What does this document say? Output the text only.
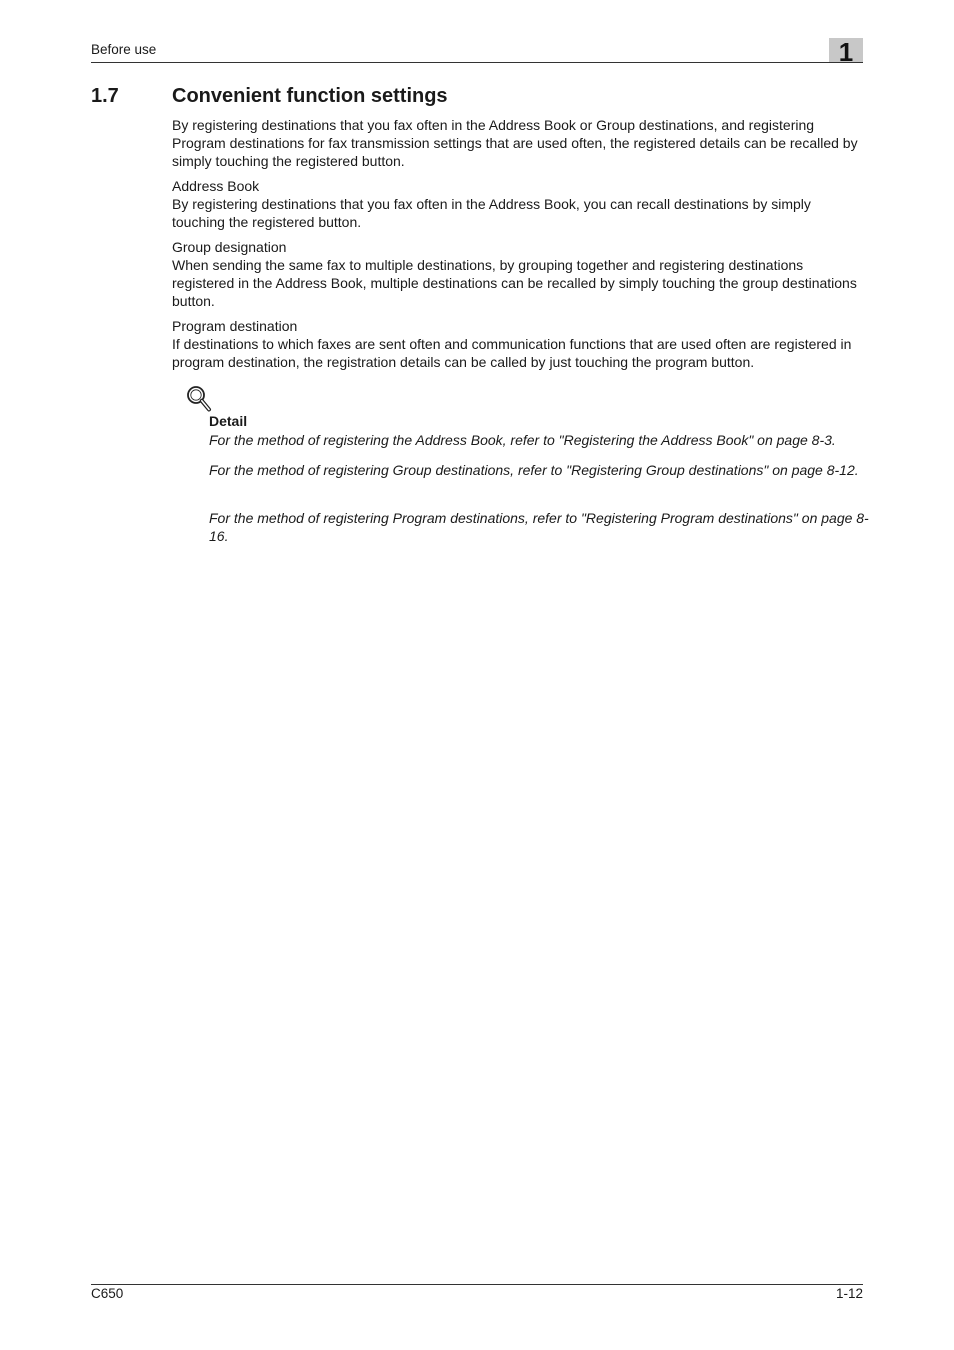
Before use	1
1.7	Convenient function settings

By registering destinations that you fax often in the Address Book or Group destinations, and registering Program destinations for fax transmission settings that are used often, the registered details can be recalled by simply touching the registered button.

Address Book
By registering destinations that you fax often in the Address Book, you can recall destinations by simply touching the registered button.
Group designation
When sending the same fax to multiple destinations, by grouping together and registering destinations registered in the Address Book, multiple destinations can be recalled by simply touching the group destinations button.
Program destination
If destinations to which faxes are sent often and communication functions that are used often are registered in program destination, the registration details can be called by just touching the program button.
Detail

For the method of registering the Address Book, refer to "Registering the Address Book" on page 8-3.

For the method of registering Group destinations, refer to "Registering Group destinations" on page 8-12.

For the method of registering Program destinations, refer to "Registering Program destinations" on page 8-16.

C650	1-12
